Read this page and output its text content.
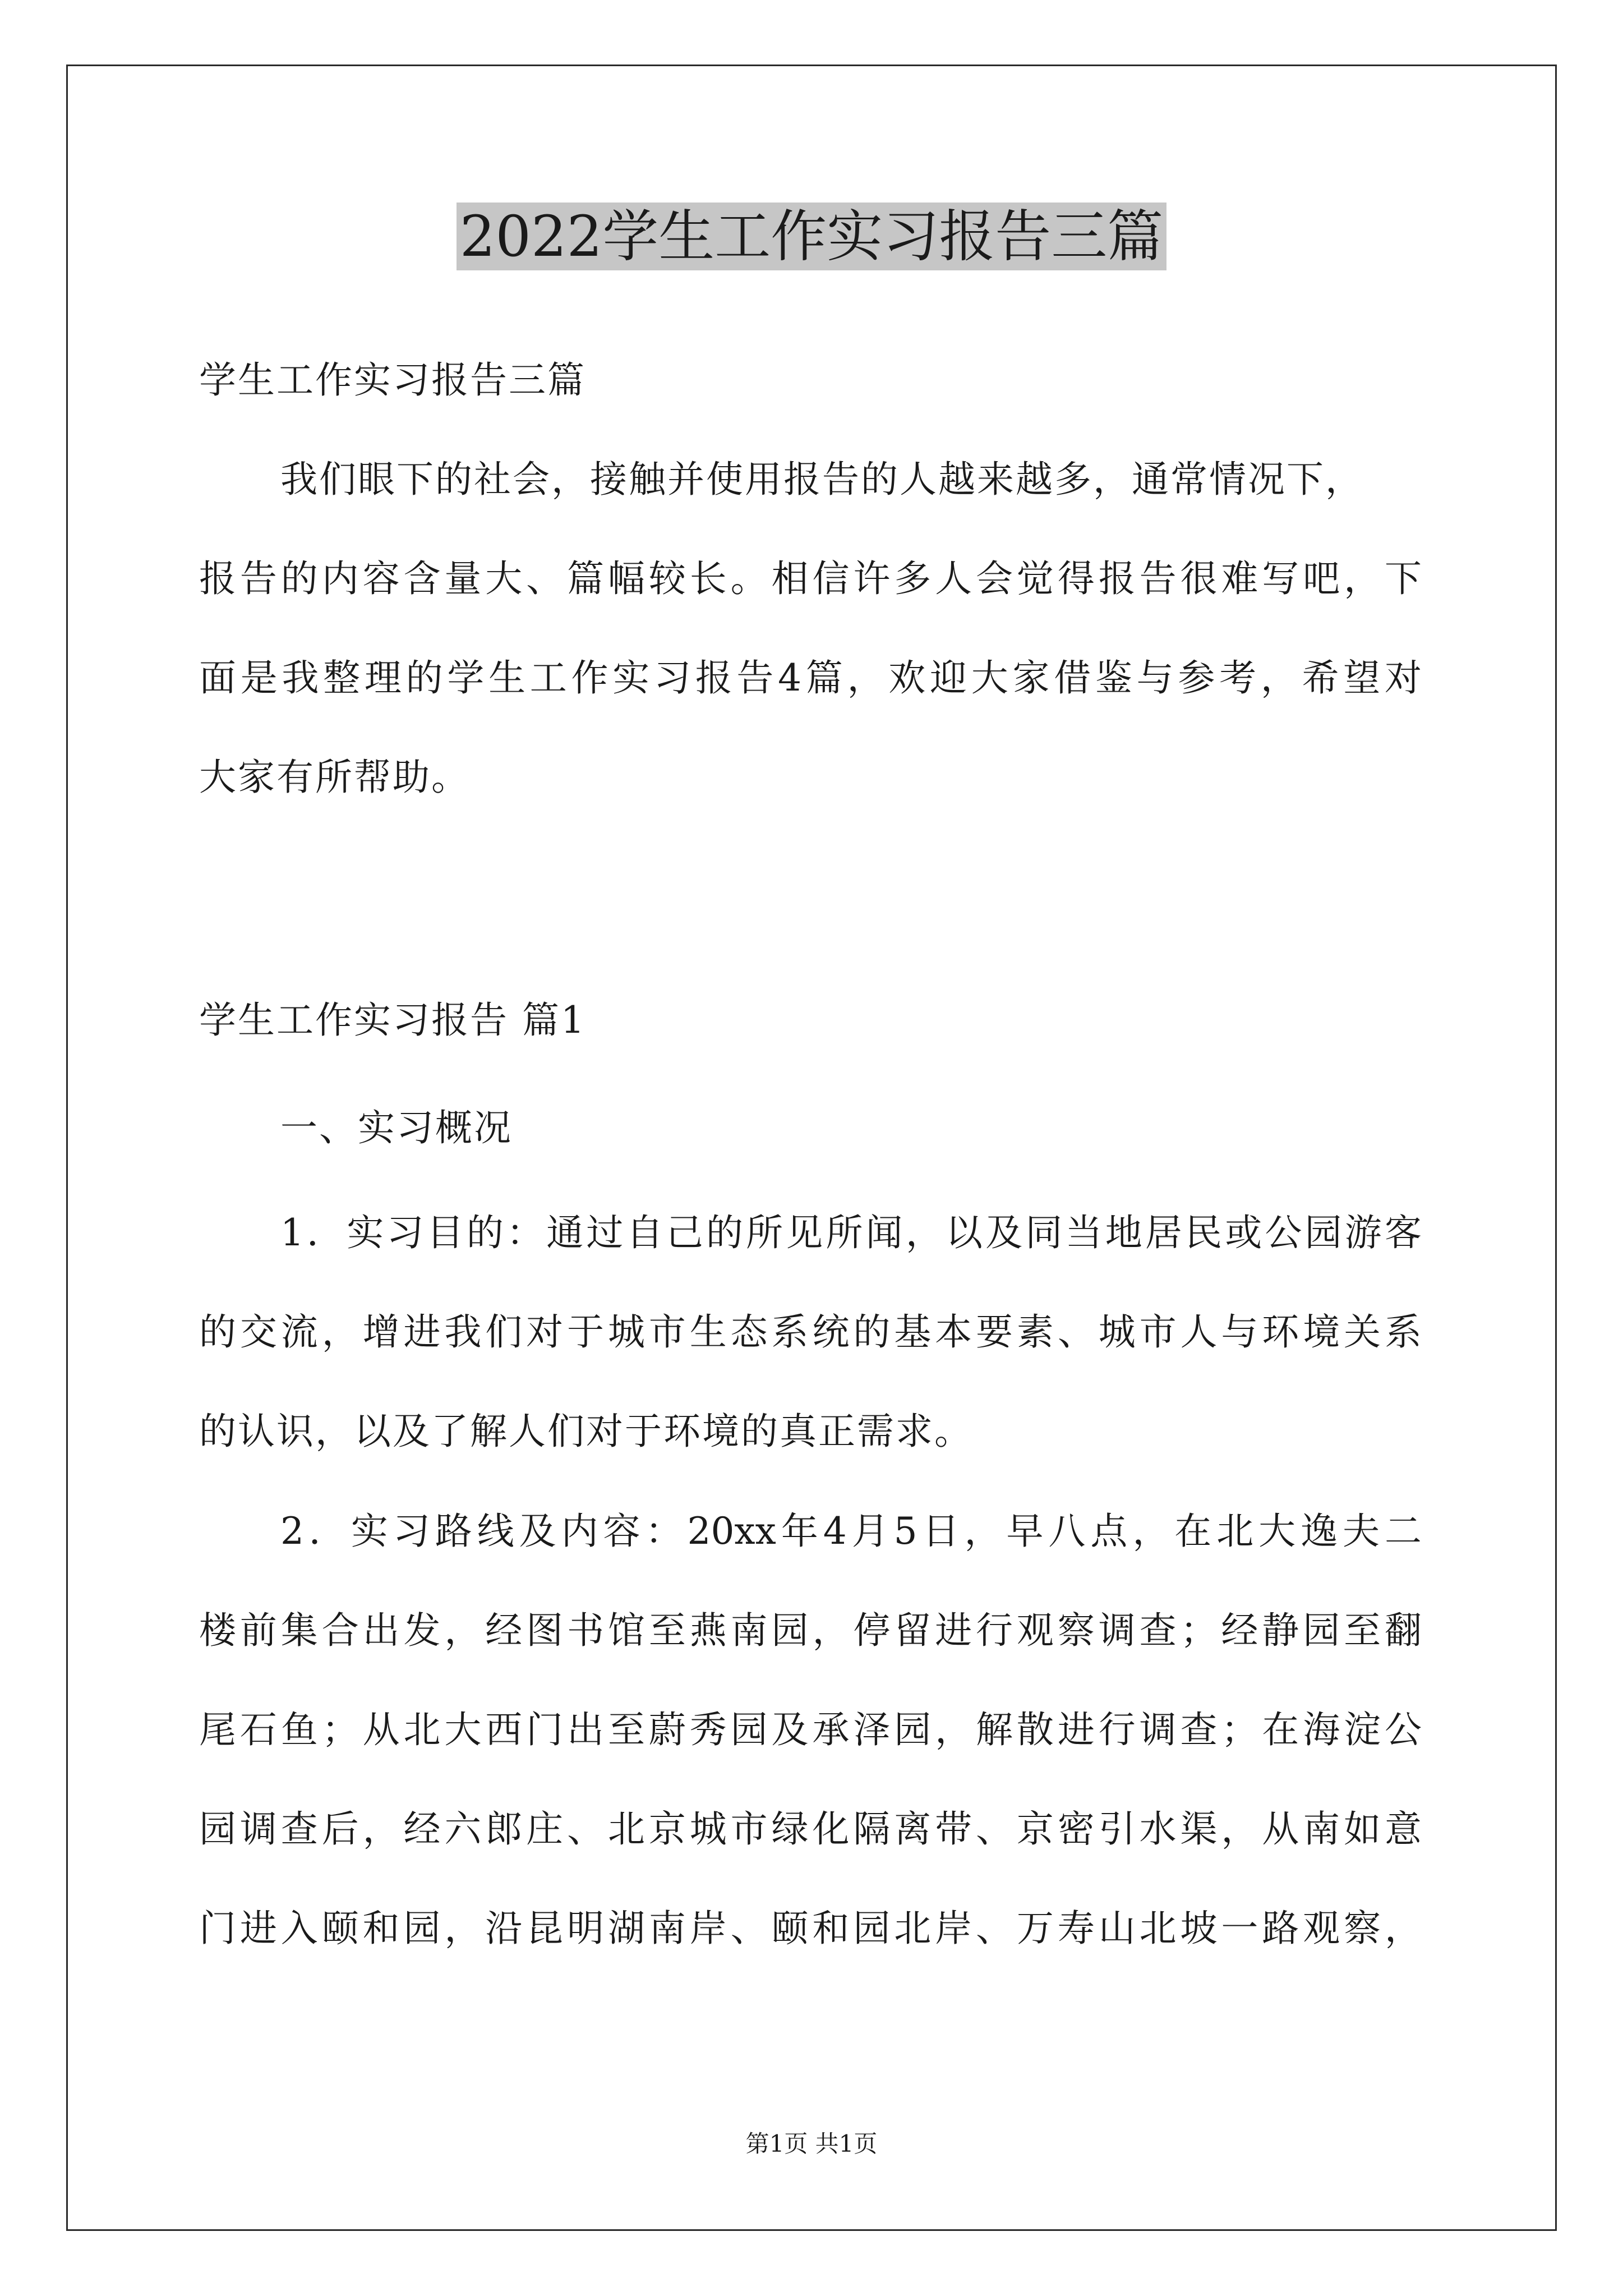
2022学生工作实习报告三篇
学生工作实习报告三篇
我们眼下的社会，接触并使用报告的人越来越多，通常情况下，
报告的内容含量大、篇幅较长。相信许多人会觉得报告很难写吧，下
面是我整理的学生工作实习报告4篇，欢迎大家借鉴与参考，希望对
大家有所帮助。
学生工作实习报告 篇1
一、实习概况
1．实习目的：通过自己的所见所闻，以及同当地居民或公园游客
的交流，增进我们对于城市生态系统的基本要素、城市人与环境关系
的认识，以及了解人们对于环境的真正需求。
2．实习路线及内容：20xx年4月5日，早八点，在北大逸夫二
楼前集合出发，经图书馆至燕南园，停留进行观察调查；经静园至翻
尾石鱼；从北大西门出至蔚秀园及承泽园，解散进行调查；在海淀公
园调查后，经六郎庄、北京城市绿化隔离带、京密引水渠，从南如意
门进入颐和园，沿昆明湖南岸、颐和园北岸、万寿山北坡一路观察，
第1页 共1页
